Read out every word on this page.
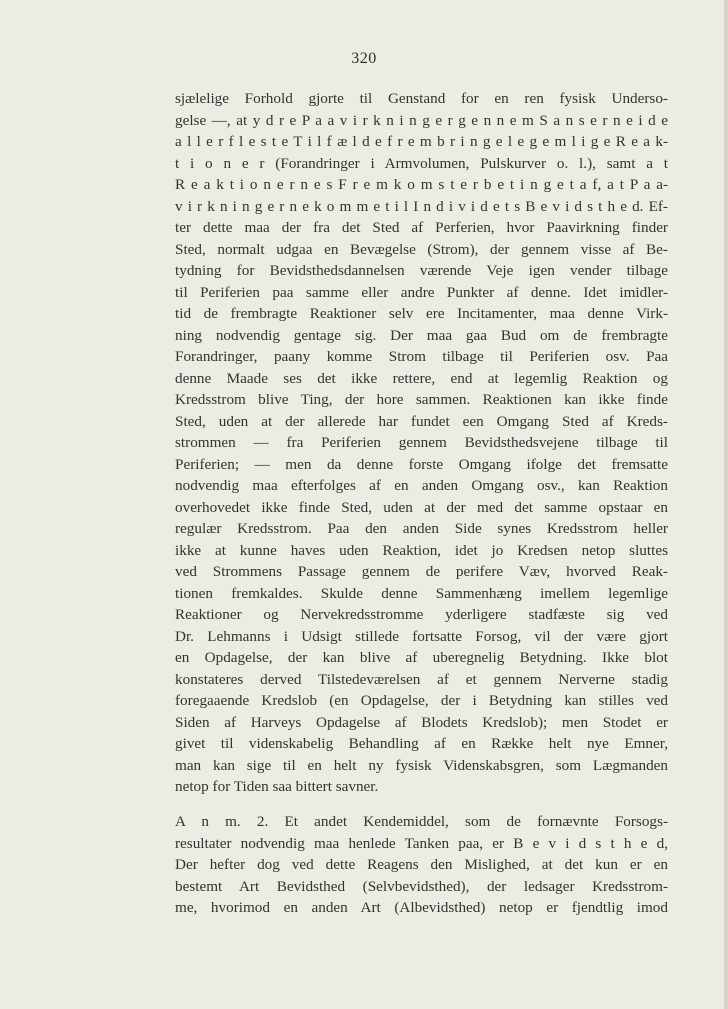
320
sjælelige Forhold gjorte til Genstand for en ren fysisk Underso-
gelse —, at y d r e P a a v i r k n i n g e r g e n n e m S a n s e r n e i d e
a l l e r f l e s t e T i l f æ l d e f r e m b r i n g e l e g e m l i g e R e a k-
t i o n e r (Forandringer i Armvolumen, Pulskurver o. l.), samt a t
R e a k t i o n e r n e s F r e m k o m s t e r b e t i n g e t a f, a t P a a-
v i r k n i n g e r n e k o m m e t i l I n d i v i d e t s B e v i d s t h e d. Ef-
ter dette maa der fra det Sted af Perferien, hvor Paavirkning finder
Sted, normalt udgaa en Bevægelse (Strom), der gennem visse af Be-
tydning for Bevidsthedsdannelsen værende Veje igen vender tilbage
til Periferien paa samme eller andre Punkter af denne. Idet imidler-
tid de frembragte Reaktioner selv ere Incitamenter, maa denne Virk-
ning nodvendig gentage sig. Der maa gaa Bud om de frembragte
Forandringer, paany komme Strom tilbage til Periferien osv. Paa
denne Maade ses det ikke rettere, end at legemlig Reaktion og
Kredsstrom blive Ting, der hore sammen. Reaktionen kan ikke finde
Sted, uden at der allerede har fundet een Omgang Sted af Kreds-
strommen — fra Periferien gennem Bevidsthedsvejene tilbage til
Periferien; — men da denne forste Omgang ifolge det fremsatte
nodvendig maa efterfolges af en anden Omgang osv., kan Reaktion
overhovedet ikke finde Sted, uden at der med det samme opstaar en
regulær Kredsstrom. Paa den anden Side synes Kredsstrom heller
ikke at kunne haves uden Reaktion, idet jo Kredsen netop sluttes
ved Strommens Passage gennem de perifere Væv, hvorved Reak-
tionen fremkaldes. Skulde denne Sammenhæng imellem legemlige
Reaktioner og Nervekredsstromme yderligere stadfæste sig ved
Dr. Lehmanns i Udsigt stillede fortsatte Forsog, vil der være gjort
en Opdagelse, der kan blive af uberegnelig Betydning. Ikke blot
konstateres derved Tilstedeværelsen af et gennem Nerverne stadig
foregaaende Kredslob (en Opdagelse, der i Betydning kan stilles ved
Siden af Harveys Opdagelse af Blodets Kredslob); men Stodet er
givet til videnskabelig Behandling af en Række helt nye Emner,
man kan sige til en helt ny fysisk Videnskabsgren, som Lægmanden
netop for Tiden saa bittert savner.
A n m. 2. Et andet Kendemiddel, som de fornævnte Forsogs-
resultater nodvendig maa henlede Tanken paa, er B e v i d s t h e d,
Der hefter dog ved dette Reagens den Mislighed, at det kun er en
bestemt Art Bevidsthed (Selvbevidsthed), der ledsager Kredsstrom-
me, hvorimod en anden Art (Albevidsthed) netop er fjendtlig imod
